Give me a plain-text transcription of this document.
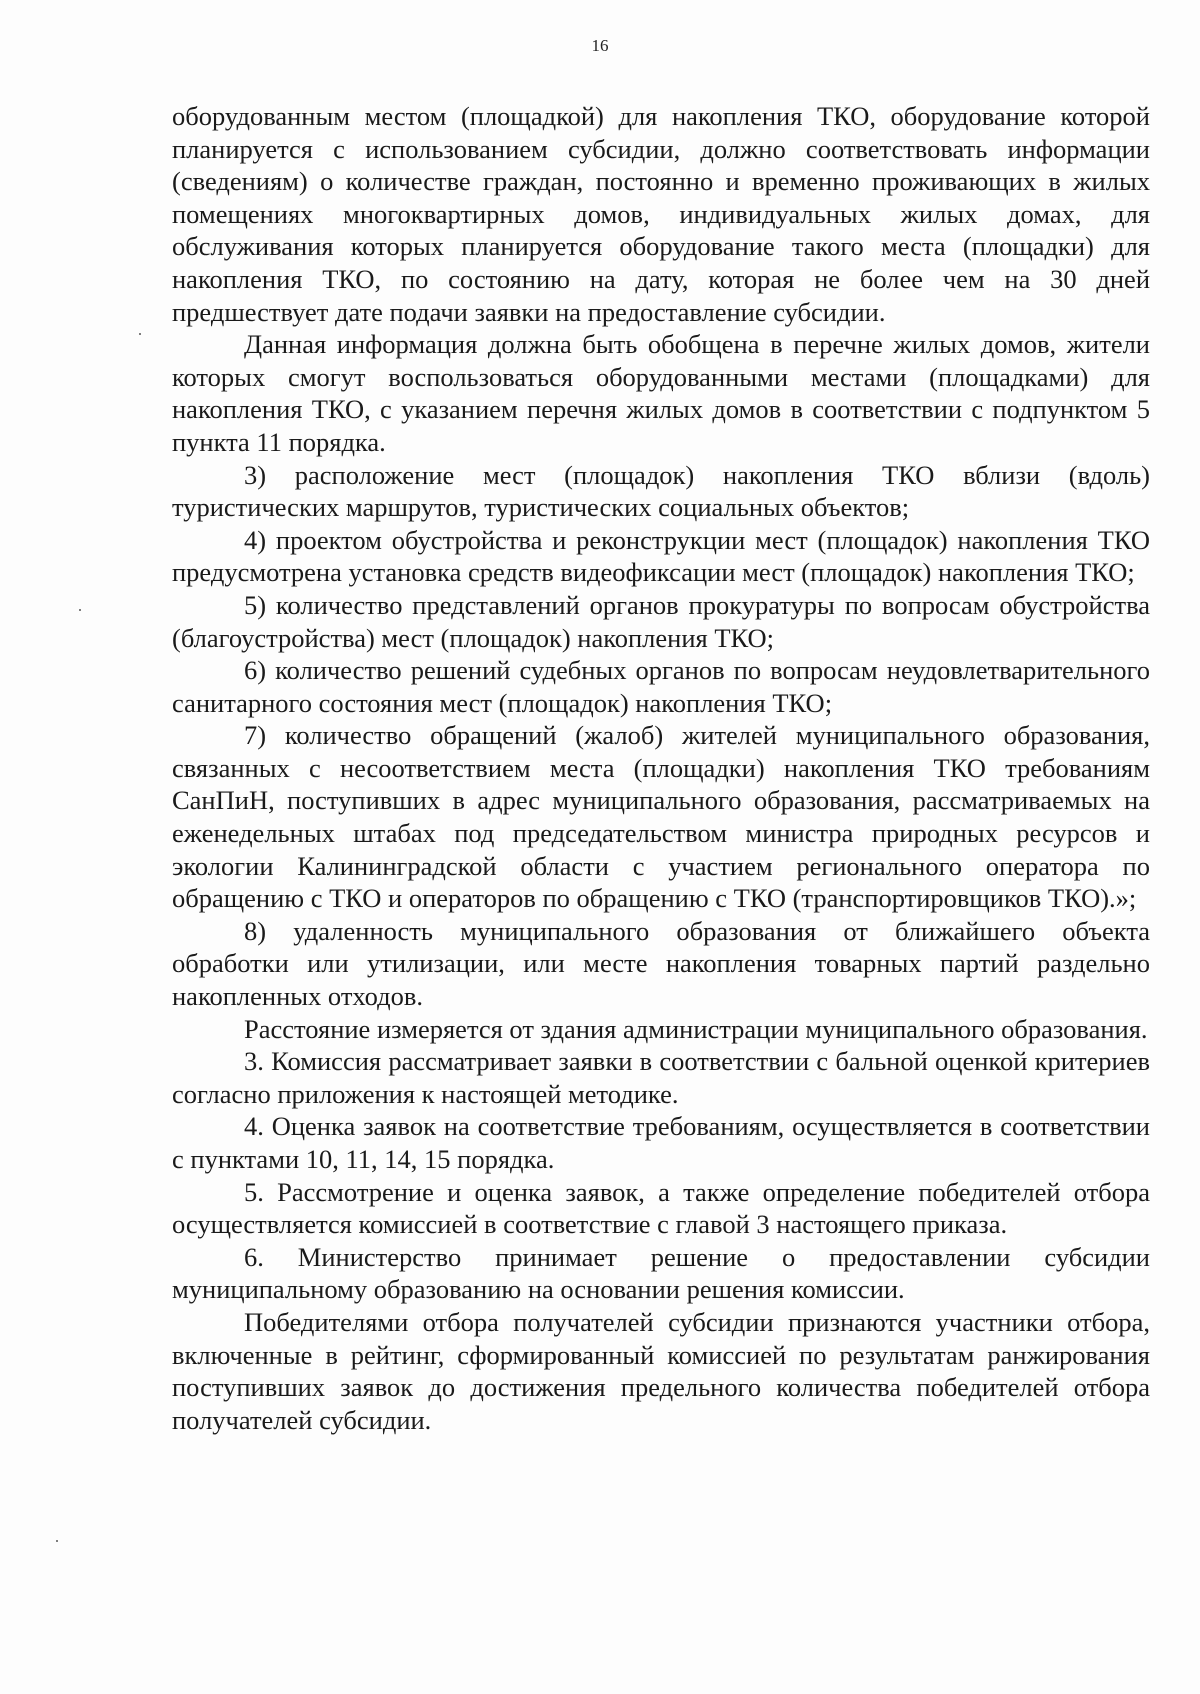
16

оборудованным местом (площадкой) для накопления ТКО, оборудование которой планируется с использованием субсидии, должно соответствовать информации (сведениям) о количестве граждан, постоянно и временно проживающих в жилых помещениях многоквартирных домов, индивидуальных жилых домах, для обслуживания которых планируется оборудование такого места (площадки) для накопления ТКО, по состоянию на дату, которая не более чем на 30 дней предшествует дате подачи заявки на предоставление субсидии.

Данная информация должна быть обобщена в перечне жилых домов, жители которых смогут воспользоваться оборудованными местами (площадками) для накопления ТКО, с указанием перечня жилых домов в соответствии с подпунктом 5 пункта 11 порядка.

3) расположение мест (площадок) накопления ТКО вблизи (вдоль) туристических маршрутов, туристических социальных объектов;

4) проектом обустройства и реконструкции мест (площадок) накопления ТКО предусмотрена установка средств видеофиксации мест (площадок) накопления ТКО;

5) количество представлений органов прокуратуры по вопросам обустройства (благоустройства) мест (площадок) накопления ТКО;

6) количество решений судебных органов по вопросам неудовлетварительного санитарного состояния мест (площадок) накопления ТКО;

7) количество обращений (жалоб) жителей муниципального образования, связанных с несоответствием места (площадки) накопления ТКО требованиям СанПиН, поступивших в адрес муниципального образования, рассматриваемых на еженедельных штабах под председательством министра природных ресурсов и экологии Калининградской области с участием регионального оператора по обращению с ТКО и операторов по обращению с ТКО (транспортировщиков ТКО).»;

8) удаленность муниципального образования от ближайшего объекта обработки или утилизации, или месте накопления товарных партий раздельно накопленных отходов.

Расстояние измеряется от здания администрации муниципального образования.

3. Комиссия рассматривает заявки в соответствии с бальной оценкой критериев согласно приложения к настоящей методике.

4. Оценка заявок на соответствие требованиям, осуществляется в соответствии с пунктами 10, 11, 14, 15 порядка.

5. Рассмотрение и оценка заявок, а также определение победителей отбора осуществляется комиссией в соответствие с главой 3 настоящего приказа.

6. Министерство принимает решение о предоставлении субсидии муниципальному образованию на основании решения комиссии.

Победителями отбора получателей субсидии признаются участники отбора, включенные в рейтинг, сформированный комиссией по результатам ранжирования поступивших заявок до достижения предельного количества победителей отбора получателей субсидии.
